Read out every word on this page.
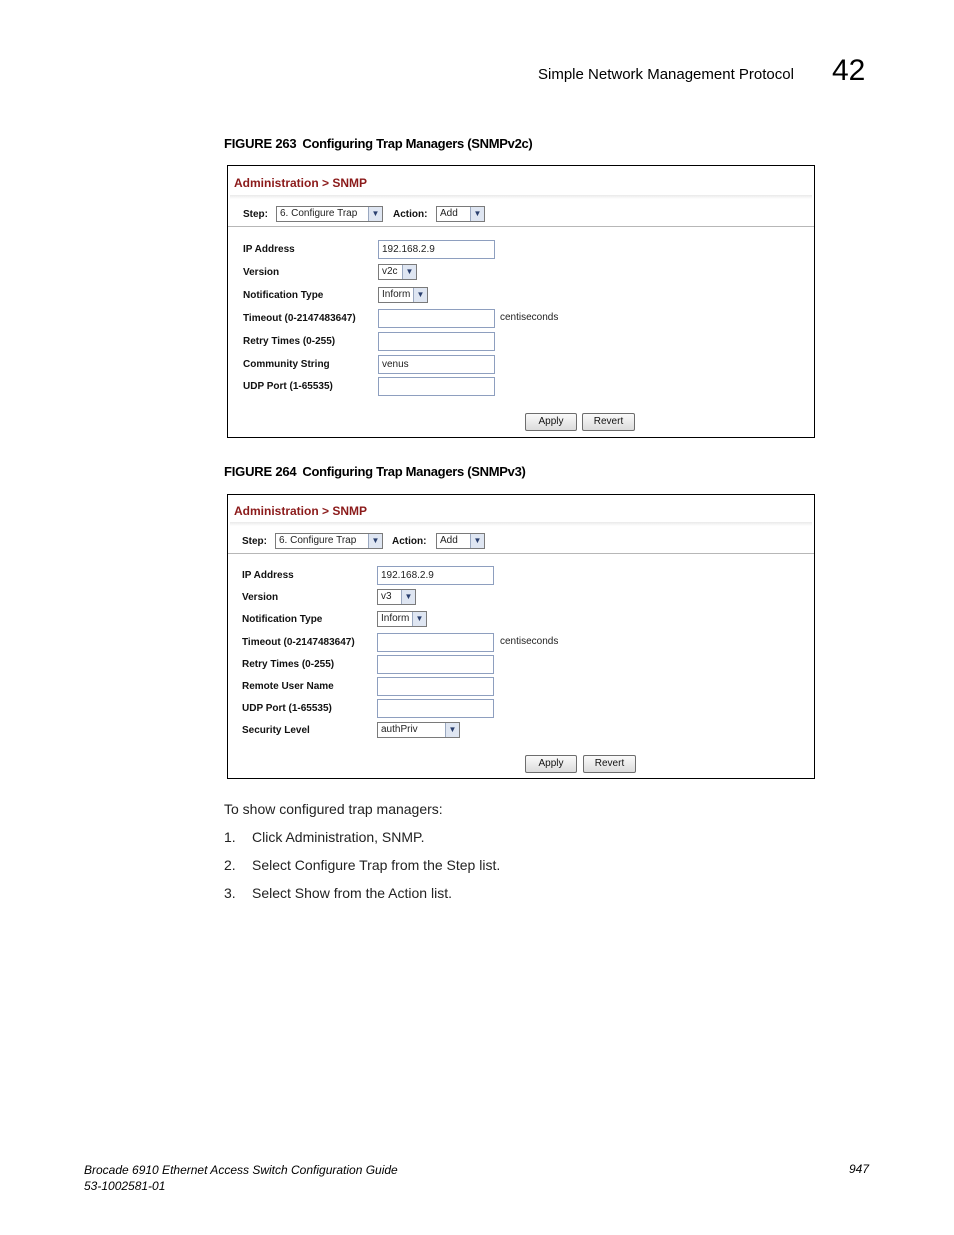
Simple Network Management Protocol 42
FIGURE 263 Configuring Trap Managers (SNMPv2c)
Administration > SNMP
Step:	6. Configure Trap	▼ Action:	Add	▼
IP Address	192.168.2.9
Version	v2c ▼
Notification Type	Inform ▼
Timeout (0-2147483647)	centiseconds
Retry Times (0-255)
Community String	venus
UDP Port (1-65535)
Apply	Revert
FIGURE 264 Configuring Trap Managers (SNMPv3)
Administration > SNMP
Step:	6. Configure Trap	▼ Action:	Add	▼
IP Address	192.168.2.9
Version	v3	▼
Notification Type	Inform ▼
Timeout (0-2147483647)	centiseconds
Retry Times (0-255)
Remote User Name
UDP Port (1-65535)
Security Level	authPriv	▼
Apply	Revert
To show configured trap managers:
1. Click Administration, SNMP.
2. Select Configure Trap from the Step list.
3. Select Show from the Action list.
Brocade 6910 Ethernet Access Switch Configuration Guide
53-1002581-01
947
